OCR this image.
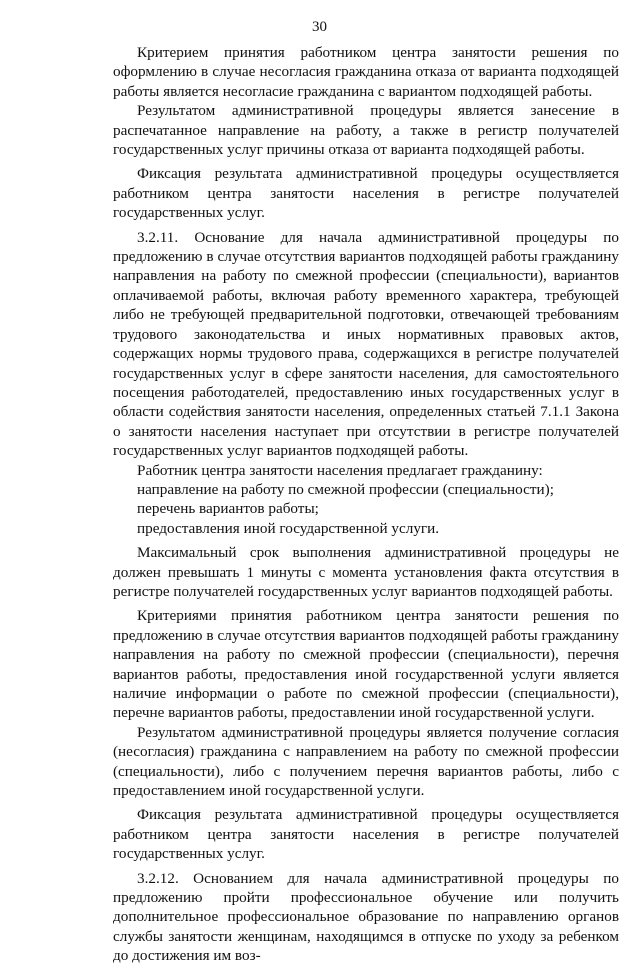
30

Критерием принятия работником центра занятости решения по оформлению в случае несогласия гражданина отказа от варианта подходящей работы является несогласие гражданина с вариантом подходящей работы.

Результатом административной процедуры является занесение в распечатанное направление на работу, а также в регистр получателей государственных услуг причины отказа от варианта подходящей работы.

Фиксация результата административной процедуры осуществляется работником центра занятости населения в регистре получателей государственных услуг.

3.2.11. Основание для начала административной процедуры по предложению в случае отсутствия вариантов подходящей работы гражданину направления на работу по смежной профессии (специальности), вариантов оплачиваемой работы, включая работу временного характера, требующей либо не требующей предварительной подготовки, отвечающей требованиям трудового законодательства и иных нормативных правовых актов, содержащих нормы трудового права, содержащихся в регистре получателей государственных услуг в сфере занятости населения, для самостоятельного посещения работодателей, предоставлению иных государственных услуг в области содействия занятости населения, определенных статьей 7.1.1 Закона о занятости населения наступает при отсутствии в регистре получателей государственных услуг вариантов подходящей работы.

Работник центра занятости населения предлагает гражданину:

направление на работу по смежной профессии (специальности);

перечень вариантов работы;

предоставления иной государственной услуги.

Максимальный срок выполнения административной процедуры не должен превышать 1 минуты с момента установления факта отсутствия в регистре получателей государственных услуг вариантов подходящей работы.

Критериями принятия работником центра занятости решения по предложению в случае отсутствия вариантов подходящей работы гражданину направления на работу по смежной профессии (специальности), перечня вариантов работы, предоставления иной государственной услуги является наличие информации о работе по смежной профессии (специальности), перечне вариантов работы, предоставлении иной государственной услуги.

Результатом административной процедуры является получение согласия (несогласия) гражданина с направлением на работу по смежной профессии (специальности), либо с получением перечня вариантов работы, либо с предоставлением иной государственной услуги.

Фиксация результата административной процедуры осуществляется работником центра занятости населения в регистре получателей государственных услуг.

3.2.12. Основанием для начала административной процедуры по предложению пройти профессиональное обучение или получить дополнительное профессиональное образование по направлению органов службы занятости женщинам, находящимся в отпуске по уходу за ребенком до достижения им воз-
